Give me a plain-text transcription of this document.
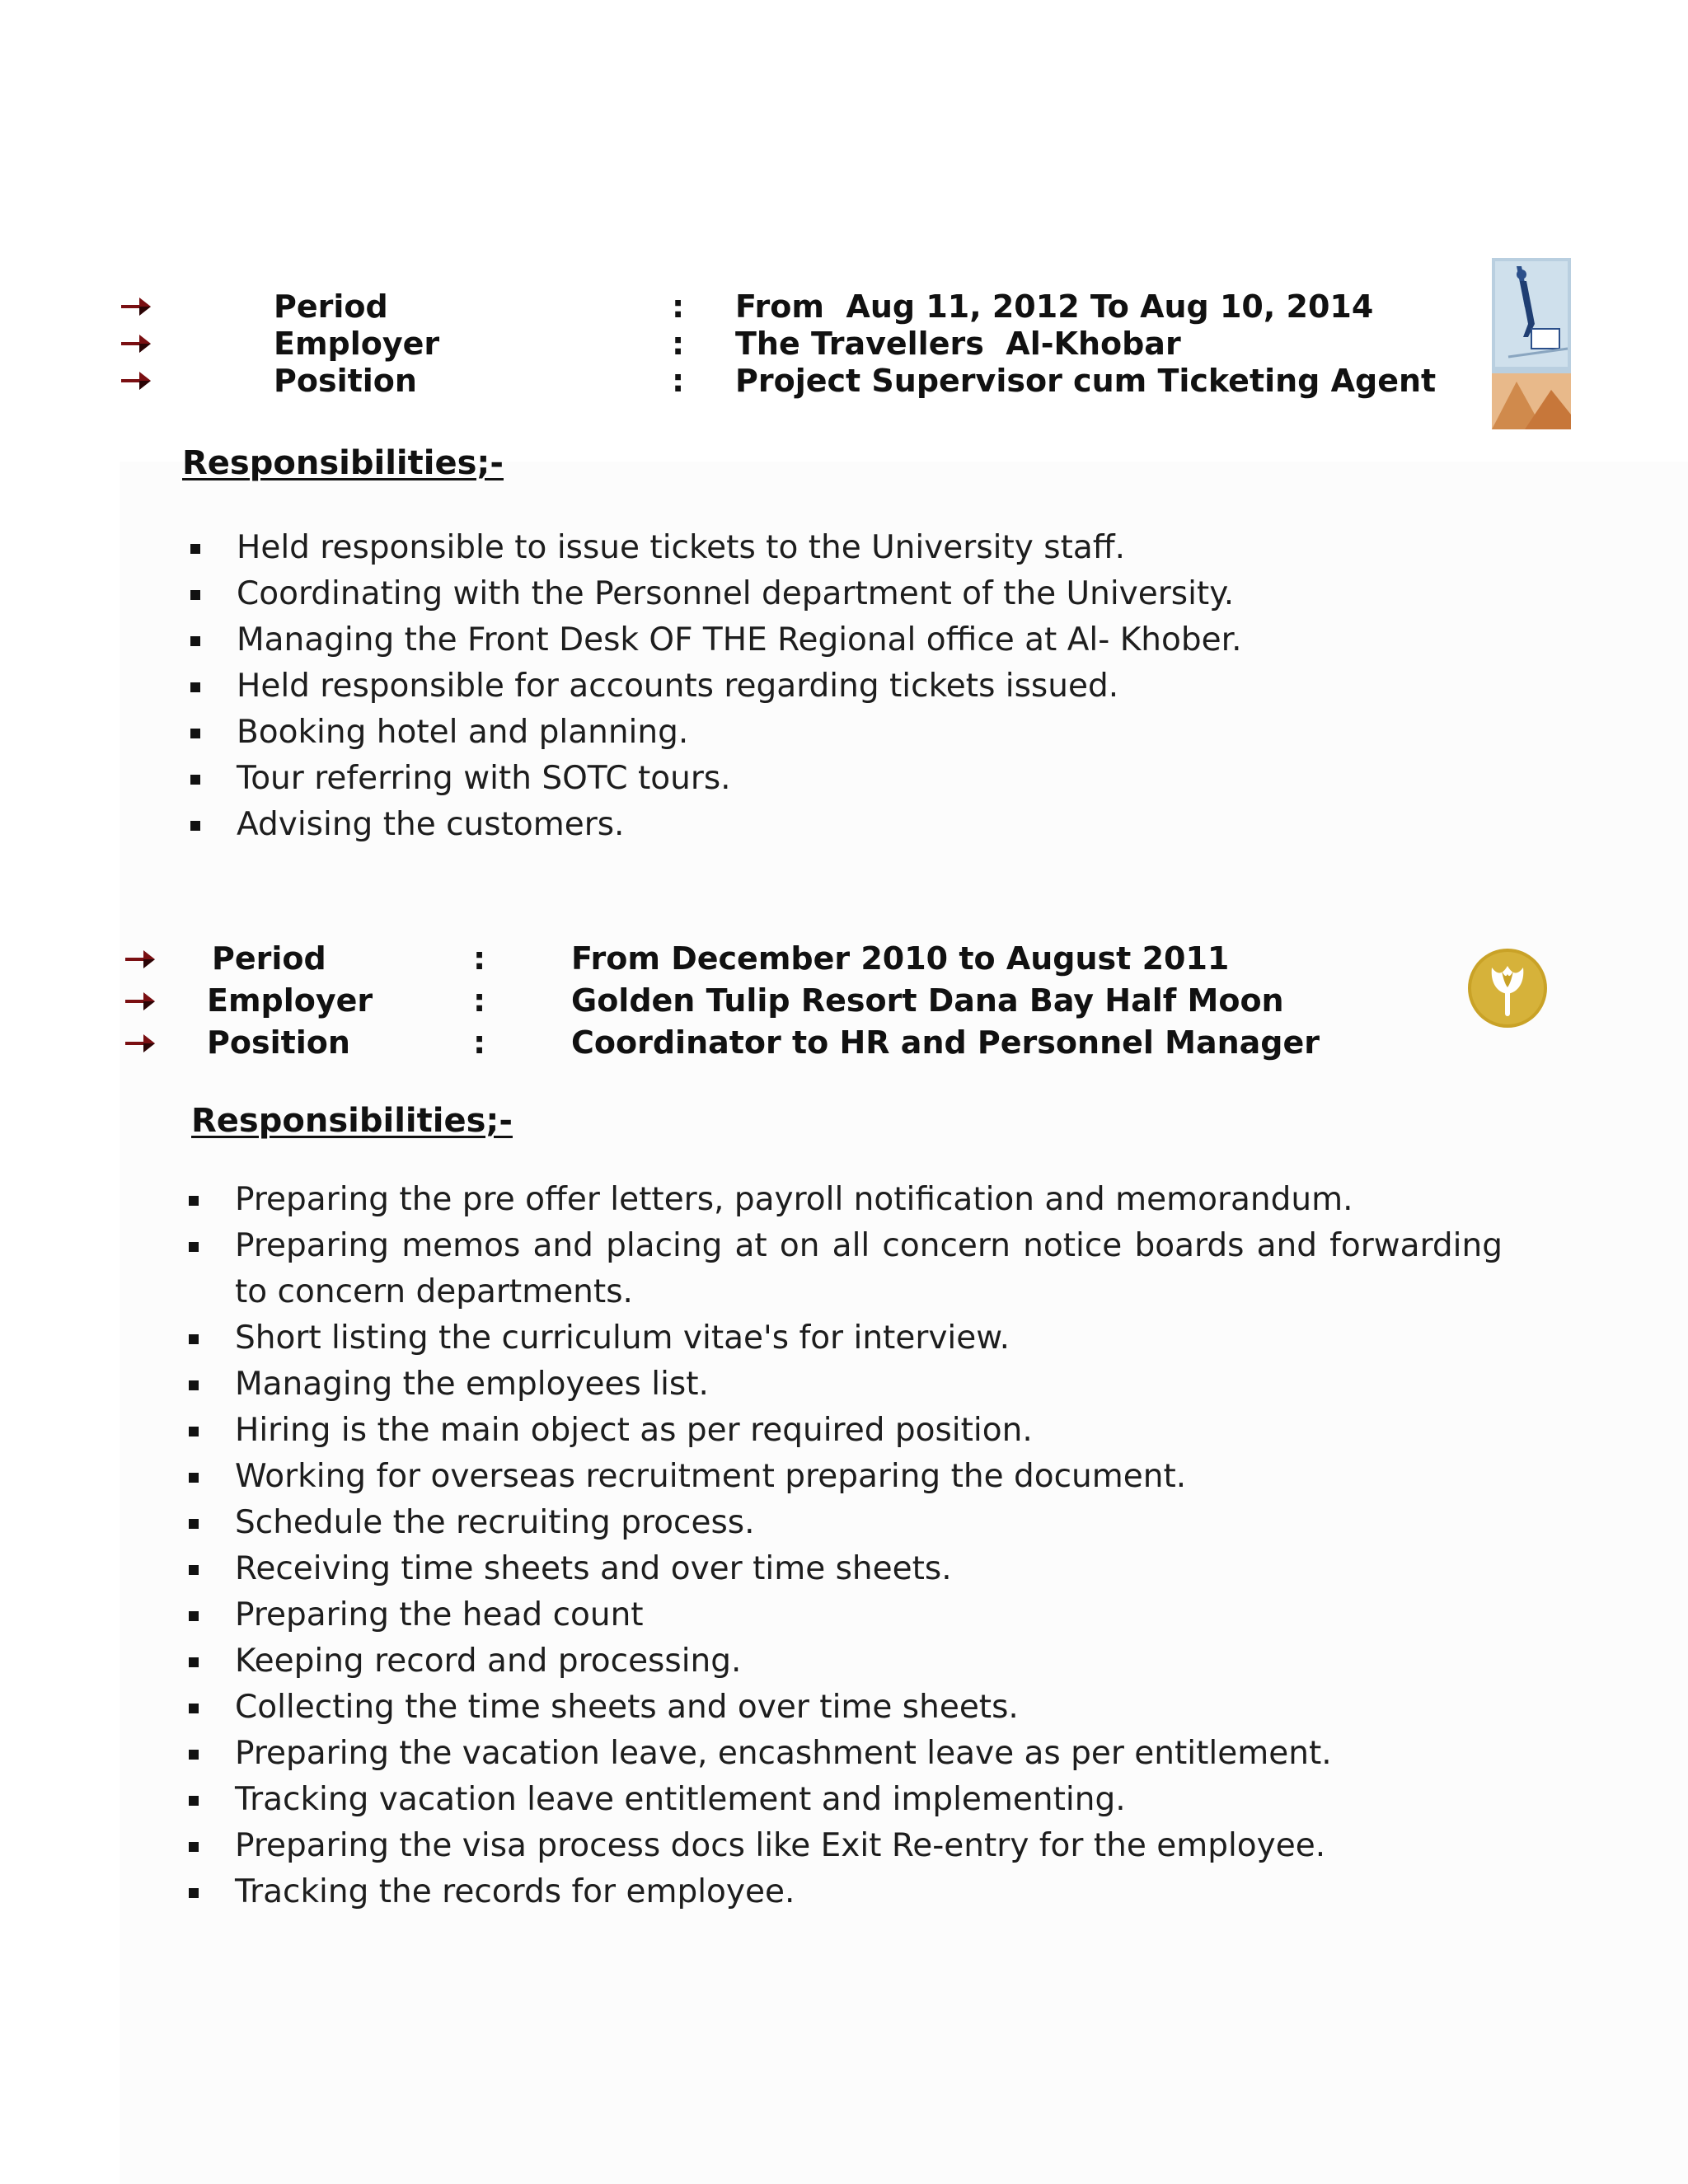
Period
Employer
Position
:
:
:
From  Aug 11, 2012 To Aug 10, 2014
The Travellers  Al-Khobar
Project Supervisor cum Ticketing Agent
Responsibilities;-
Held responsible to issue tickets to the University staff.
Coordinating with the Personnel department of the University.
Managing the Front Desk OF THE Regional office at Al- Khober.
Held responsible for accounts regarding tickets issued.
Booking hotel and planning.
Tour referring with SOTC tours.
Advising the customers.
Period
Employer
Position
:
:
:
From December 2010 to August 2011
Golden Tulip Resort Dana Bay Half Moon
Coordinator to HR and Personnel Manager
Responsibilities;-
Preparing the pre offer letters, payroll notification and memorandum.
Preparing memos and placing at on all concern notice boards and forwarding to concern departments.
Short listing the curriculum vitae's for interview.
Managing the employees list.
Hiring is the main object as per required position.
Working for overseas recruitment preparing the document.
Schedule the recruiting process.
Receiving time sheets and over time sheets.
Preparing the head count
Keeping record and processing.
Collecting the time sheets and over time sheets.
Preparing the vacation leave, encashment leave as per entitlement.
Tracking vacation leave entitlement and implementing.
Preparing the visa process docs like Exit Re-entry for the employee.
Tracking the records for employee.
